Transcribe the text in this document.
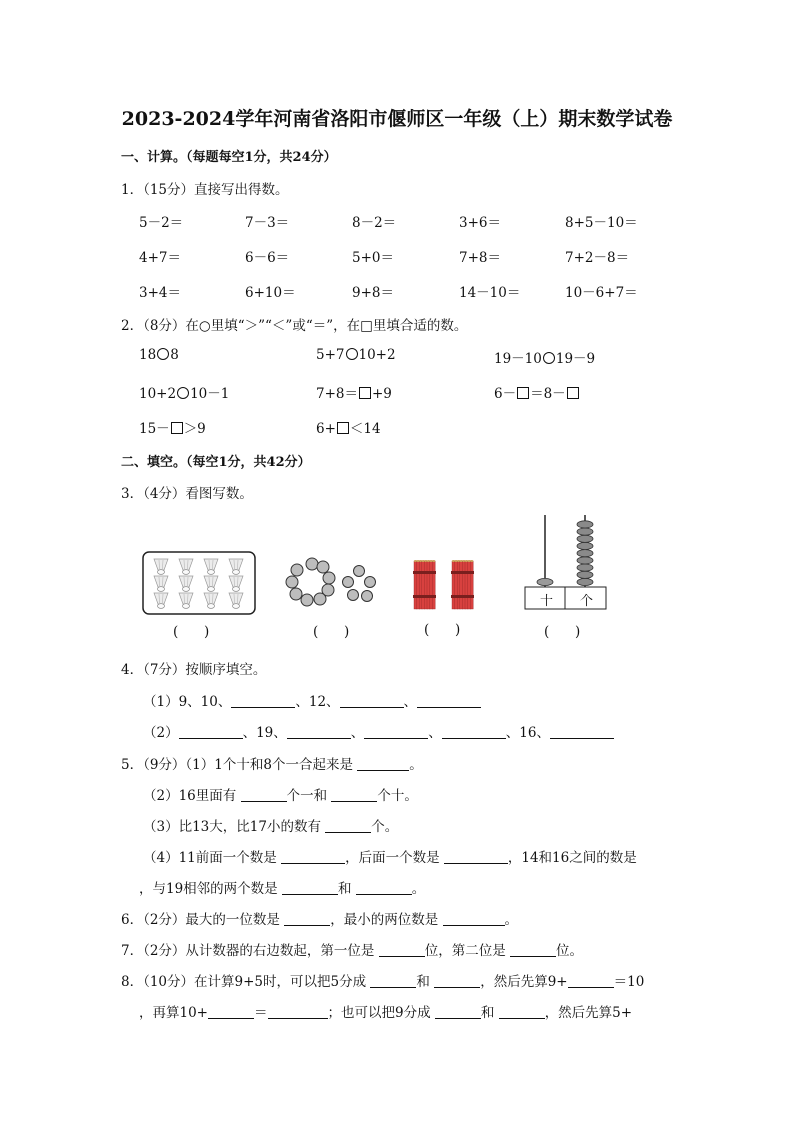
2023-2024学年河南省洛阳市偃师区一年级（上）期末数学试卷
一、计算。（每题每空1分，共24分）
1．（15分）直接写出得数。
5－2＝	7－3＝	8－2＝	3+6＝	8+5－10＝
4+7＝	6－6＝	5+0＝	7+8＝	7+2－8＝
3+4＝	6+10＝	9+8＝	14－10＝	10－6+7＝
2．（8分）在○里填“＞”“＜”或“＝”，在□里填合适的数。
18 8	5+7 10+2	19－10 19－9
10+2 10－1	7+8＝ +9	6－ ＝8－
15－ ＞9	6+ ＜14
二、填空。（每空1分，共42分）
3．（4分）看图写数。
(      )	(      )	(      )
十 个
(      )
4．（7分）按顺序填空。
（1）9、10、	、12、	、
（2）	、19、	、	、	、16、
5．（9分）（1）1个十和8个一合起来是	。
（2）16里面有	个一和	个十。
（3）比13大，比17小的数有	个。
（4）11前面一个数是	，后面一个数是	，14和16之间的数是
，与19相邻的两个数是	和	。
6．（2分）最大的一位数是	，最小的两位数是	。
7．（2分）从计数器的右边数起，第一位是	位，第二位是	位。
8．（10分）在计算9+5时，可以把5分成	和	，然后先算9+	＝10
，再算10+	＝	；也可以把9分成	和	，然后先算5+
